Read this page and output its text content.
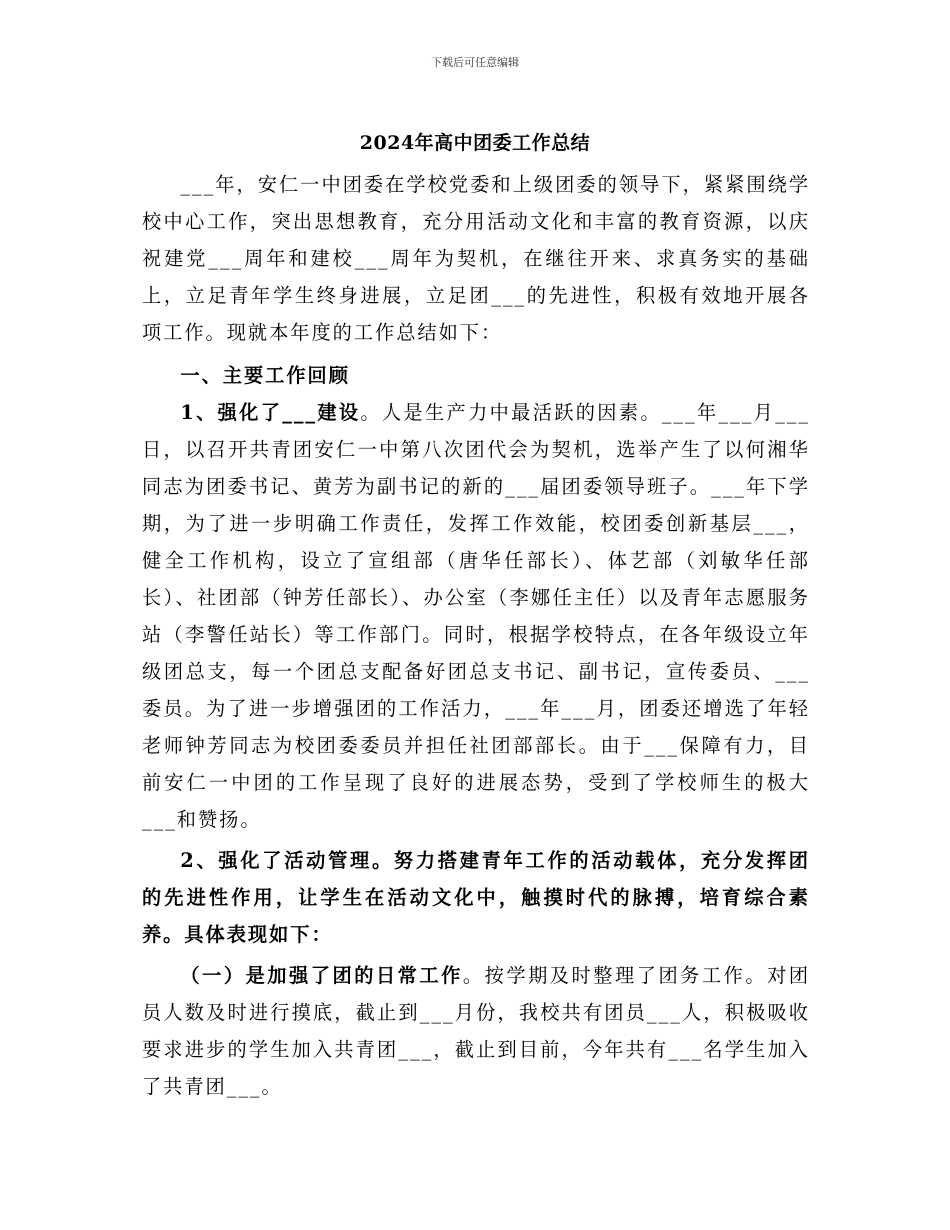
下载后可任意编辑
2024年高中团委工作总结

___年，安仁一中团委在学校党委和上级团委的领导下，紧紧围绕学校中心工作，突出思想教育，充分用活动文化和丰富的教育资源，以庆祝建党___周年和建校___周年为契机，在继往开来、求真务实的基础上，立足青年学生终身进展，立足团___的先进性，积极有效地开展各项工作。现就本年度的工作总结如下：

一、主要工作回顾

1、强化了___建设。人是生产力中最活跃的因素。___年___月___日，以召开共青团安仁一中第八次团代会为契机，选举产生了以何湘华同志为团委书记、黄芳为副书记的新的___届团委领导班子。___年下学期，为了进一步明确工作责任，发挥工作效能，校团委创新基层___，健全工作机构，设立了宣组部（唐华任部长）、体艺部（刘敏华任部长）、社团部（钟芳任部长）、办公室（李娜任主任）以及青年志愿服务站（李警任站长）等工作部门。同时，根据学校特点，在各年级设立年级团总支，每一个团总支配备好团总支书记、副书记，宣传委员、___委员。为了进一步增强团的工作活力，___年___月，团委还增选了年轻老师钟芳同志为校团委委员并担任社团部部长。由于___保障有力，目前安仁一中团的工作呈现了良好的进展态势，受到了学校师生的极大___和赞扬。

2、强化了活动管理。努力搭建青年工作的活动载体，充分发挥团的先进性作用，让学生在活动文化中，触摸时代的脉搏，培育综合素养。具体表现如下：

（一）是加强了团的日常工作。按学期及时整理了团务工作。对团员人数及时进行摸底，截止到___月份，我校共有团员___人，积极吸收要求进步的学生加入共青团___，截止到目前，今年共有___名学生加入了共青团___。
